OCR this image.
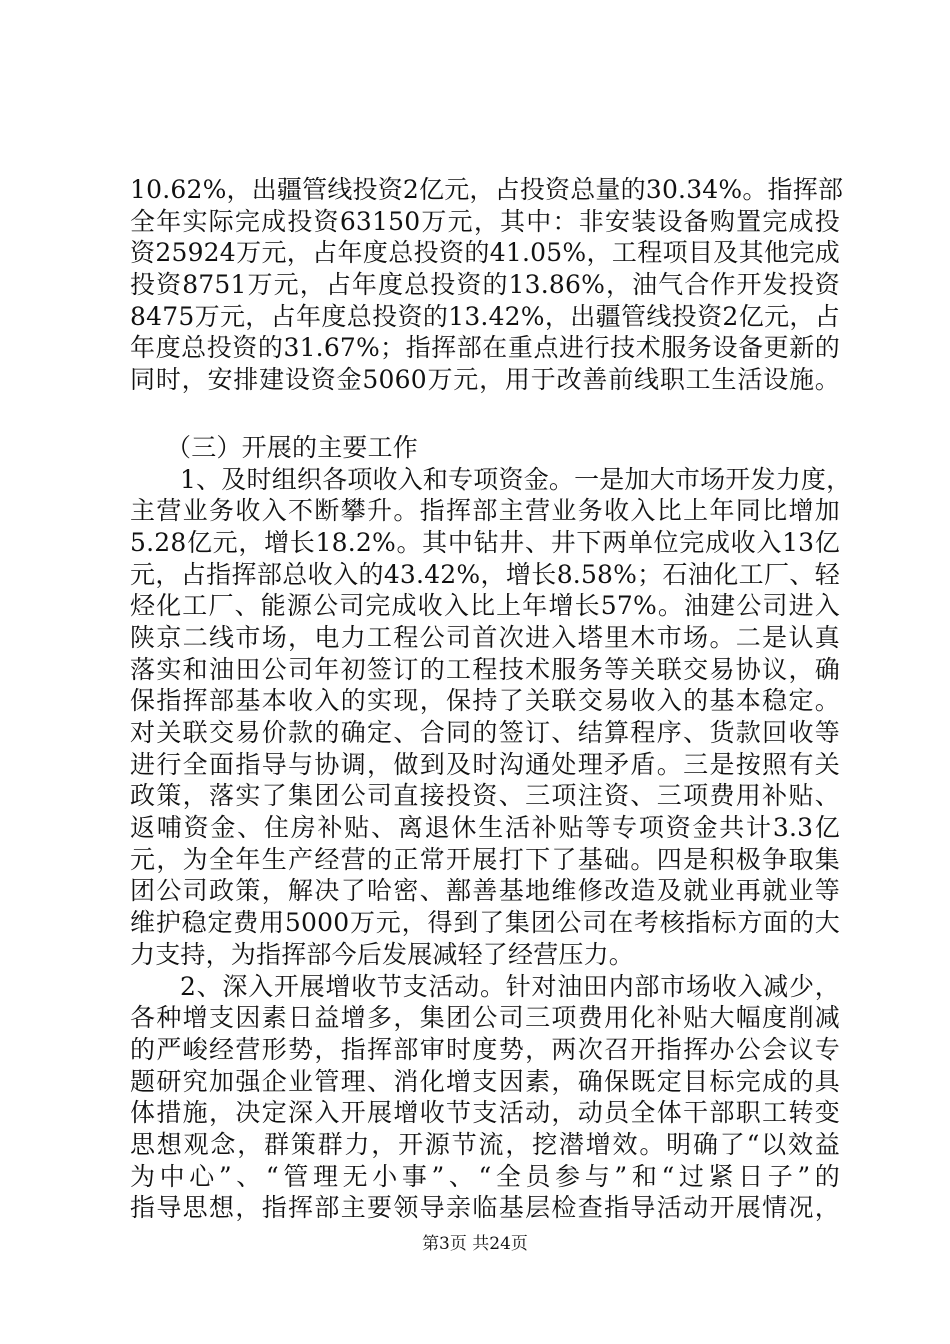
10.62%，出疆管线投资2亿元，占投资总量的30.34%。指挥部
全年实际完成投资63150万元，其中：非安装设备购置完成投
资25924万元，占年度总投资的41.05%，工程项目及其他完成
投资8751万元，占年度总投资的13.86%，油气合作开发投资
8475万元，占年度总投资的13.42%，出疆管线投资2亿元，占
年度总投资的31.67%；指挥部在重点进行技术服务设备更新的
同时，安排建设资金5060万元，用于改善前线职工生活设施。
（三）开展的主要工作
1、及时组织各项收入和专项资金。一是加大市场开发力度，
主营业务收入不断攀升。指挥部主营业务收入比上年同比增加
5.28亿元，增长18.2%。其中钻井、井下两单位完成收入13亿
元，占指挥部总收入的43.42%，增长8.58%；石油化工厂、轻
烃化工厂、能源公司完成收入比上年增长57%。油建公司进入
陕京二线市场，电力工程公司首次进入塔里木市场。二是认真
落实和油田公司年初签订的工程技术服务等关联交易协议，确
保指挥部基本收入的实现，保持了关联交易收入的基本稳定。
对关联交易价款的确定、合同的签订、结算程序、货款回收等
进行全面指导与协调，做到及时沟通处理矛盾。三是按照有关
政策，落实了集团公司直接投资、三项注资、三项费用补贴、
返哺资金、住房补贴、离退休生活补贴等专项资金共计3.3亿
元，为全年生产经营的正常开展打下了基础。四是积极争取集
团公司政策，解决了哈密、鄯善基地维修改造及就业再就业等
维护稳定费用5000万元，得到了集团公司在考核指标方面的大
力支持，为指挥部今后发展减轻了经营压力。
2、深入开展增收节支活动。针对油田内部市场收入减少，
各种增支因素日益增多，集团公司三项费用化补贴大幅度削减
的严峻经营形势，指挥部审时度势，两次召开指挥办公会议专
题研究加强企业管理、消化增支因素，确保既定目标完成的具
体措施，决定深入开展增收节支活动，动员全体干部职工转变
思想观念，群策群力，开源节流，挖潜增效。明确了“以效益
为中心”、“管理无小事”、“全员参与”和“过紧日子”的
指导思想，指挥部主要领导亲临基层检查指导活动开展情况，
第3页 共24页
